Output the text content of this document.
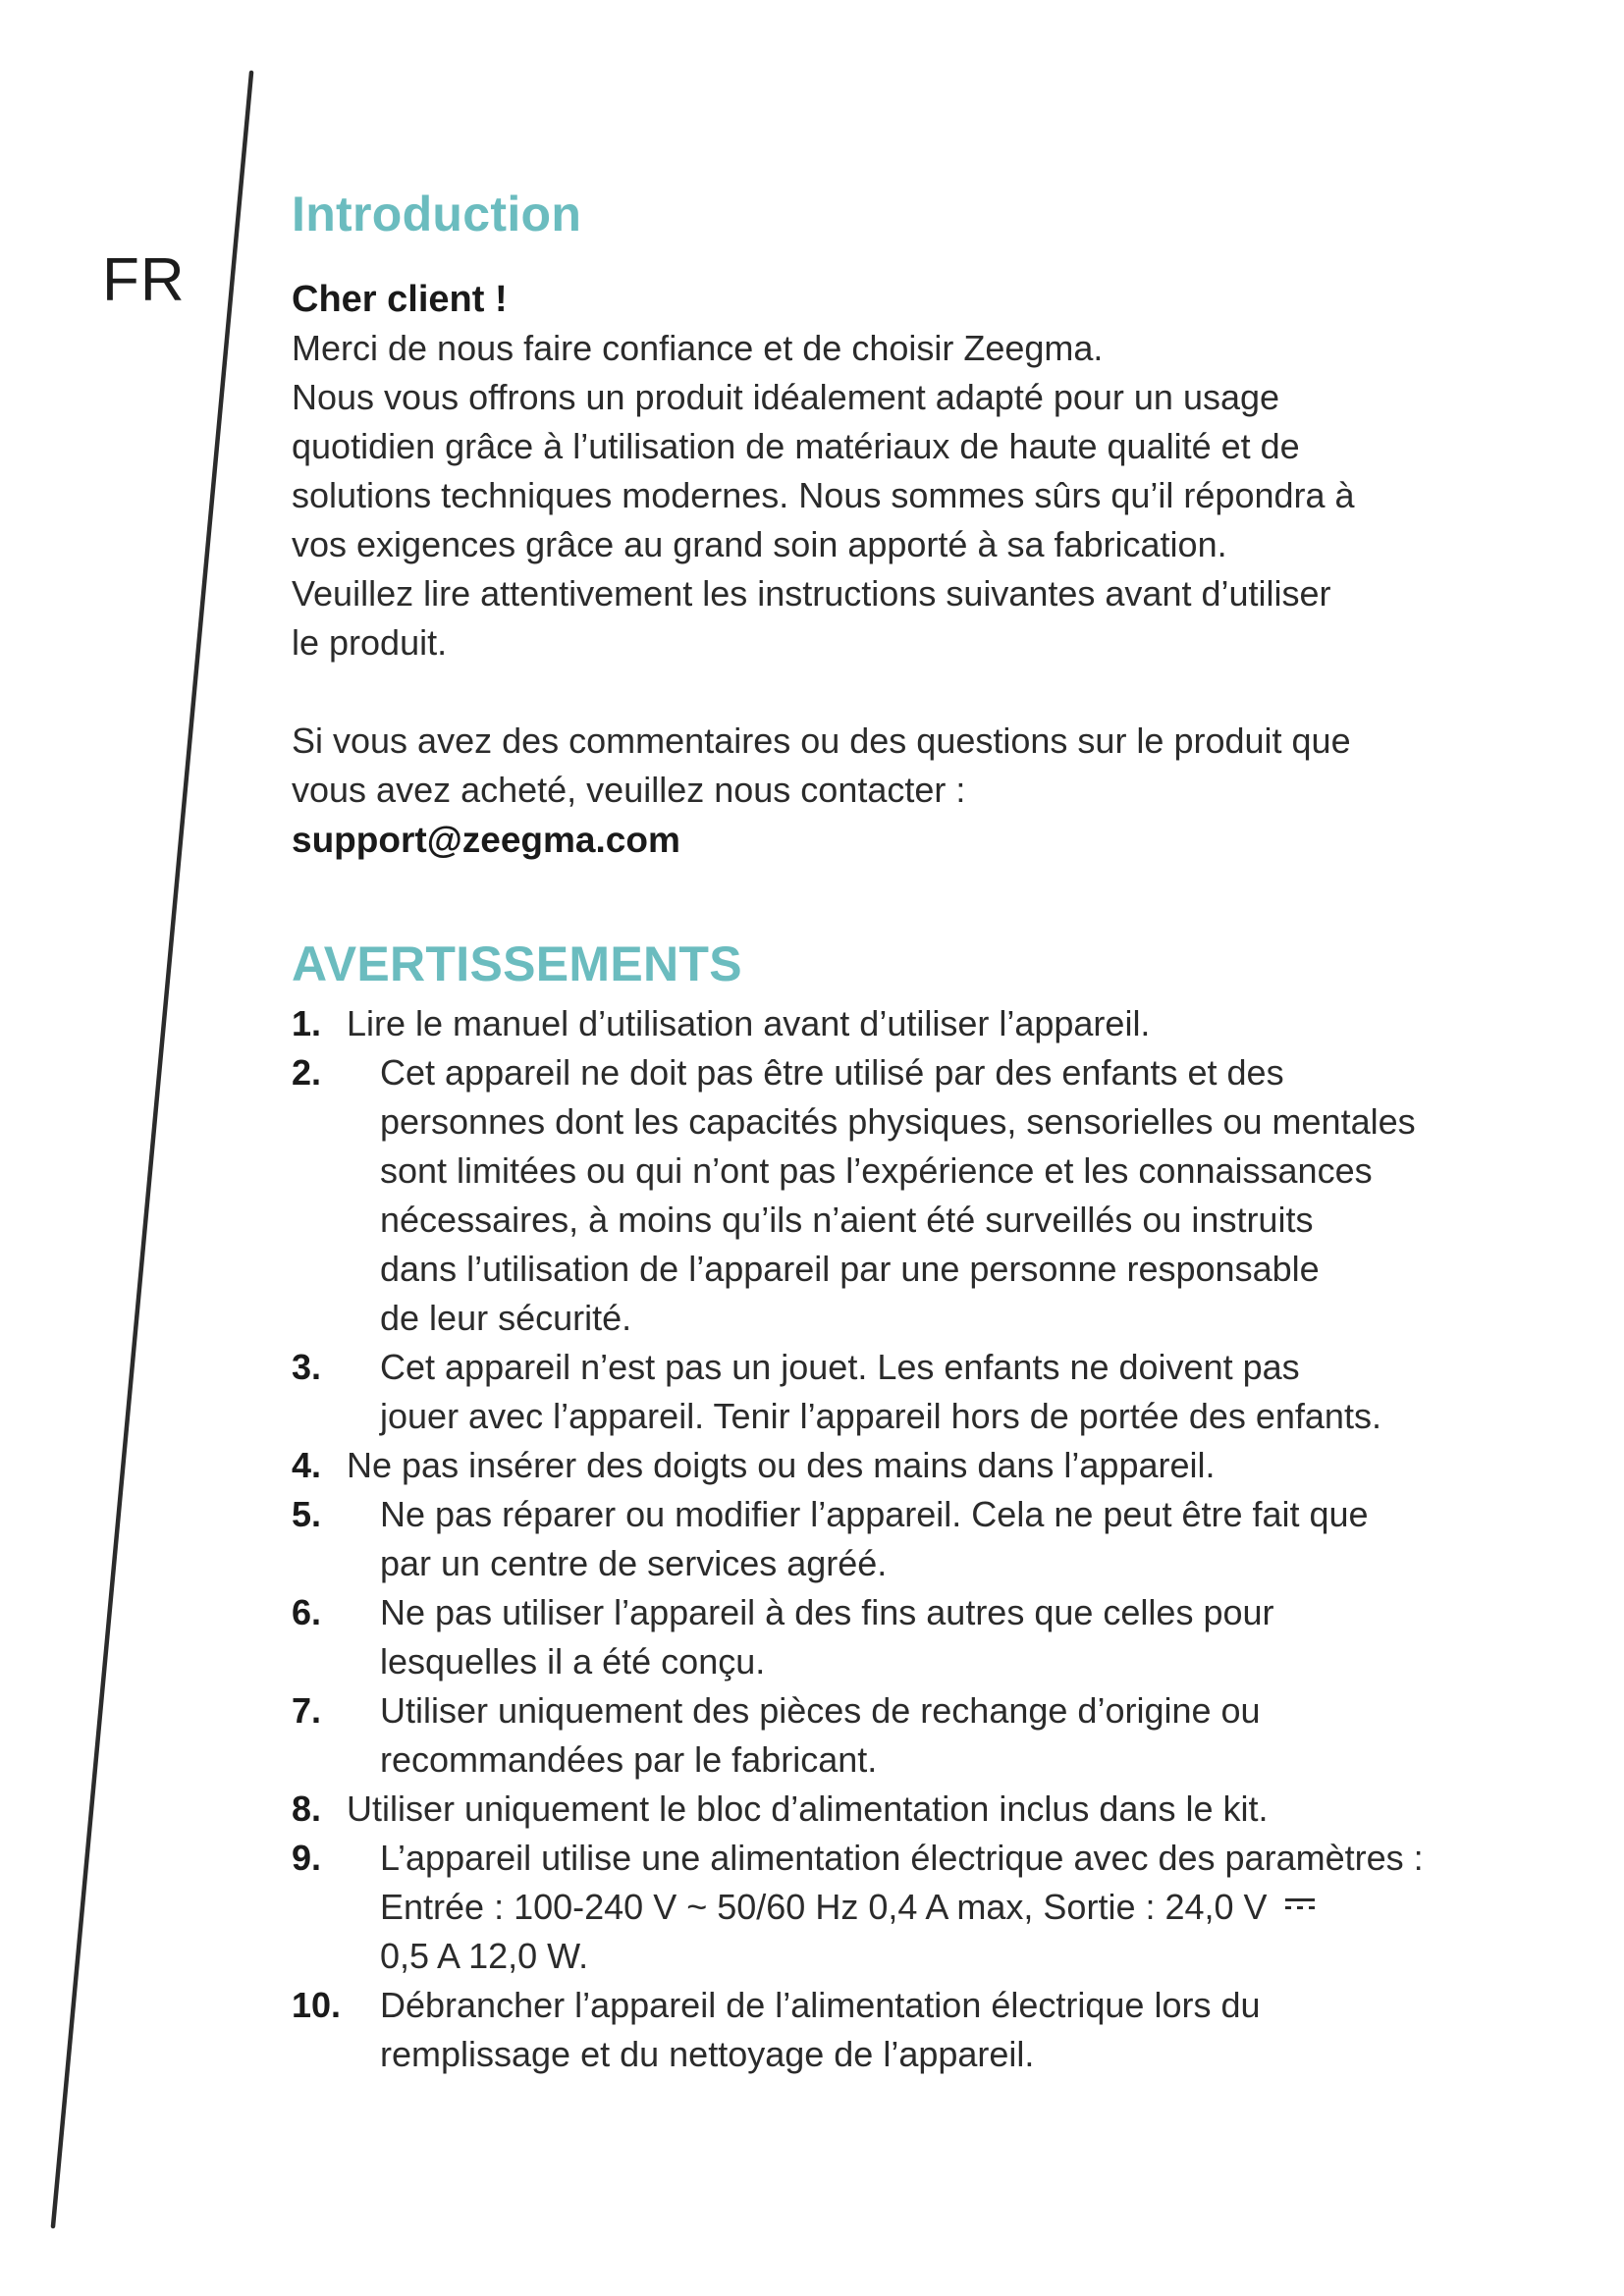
FR
Introduction
Cher client !

Merci de nous faire confiance et de choisir Zeegma.

Nous vous offrons un produit idéalement adapté pour un usage

quotidien grâce à l’utilisation de matériaux de haute qualité et de

solutions techniques modernes. Nous sommes sûrs qu’il répondra à

vos exigences grâce au grand soin apporté à sa fabrication.

Veuillez lire attentivement les instructions suivantes avant d’utiliser

le produit.

Si vous avez des commentaires ou des questions sur le produit que

vous avez acheté, veuillez nous contacter :

support@zeegma.com
AVERTISSEMENTS
1. Lire le manuel d’utilisation avant d’utiliser l’appareil.
2.	Cet appareil ne doit pas être utilisé par des enfants et des
personnes dont les capacités physiques, sensorielles ou mentales
sont limitées ou qui n’ont pas l’expérience et les connaissances
nécessaires, à moins qu’ils n’aient été surveillés ou instruits
dans l’utilisation de l’appareil par une personne responsable
de leur sécurité.
3.	Cet appareil n’est pas un jouet. Les enfants ne doivent pas
jouer avec l’appareil. Tenir l’appareil hors de portée des enfants.
4. Ne pas insérer des doigts ou des mains dans l’appareil.
5.	Ne pas réparer ou modifier l’appareil. Cela ne peut être fait que
par un centre de services agréé.
6.	Ne pas utiliser l’appareil à des fins autres que celles pour
lesquelles il a été conçu.
7.	Utiliser uniquement des pièces de rechange d’origine ou
recommandées par le fabricant.
8. Utiliser uniquement le bloc d’alimentation inclus dans le kit.
9.	L’appareil utilise une alimentation électrique avec des paramètres :
Entrée : 100-240 V ~ 50/60 Hz 0,4 A max, Sortie : 24,0 V
0,5 A 12,0 W.
10.	Débrancher l’appareil de l’alimentation électrique lors du
remplissage et du nettoyage de l’appareil.
